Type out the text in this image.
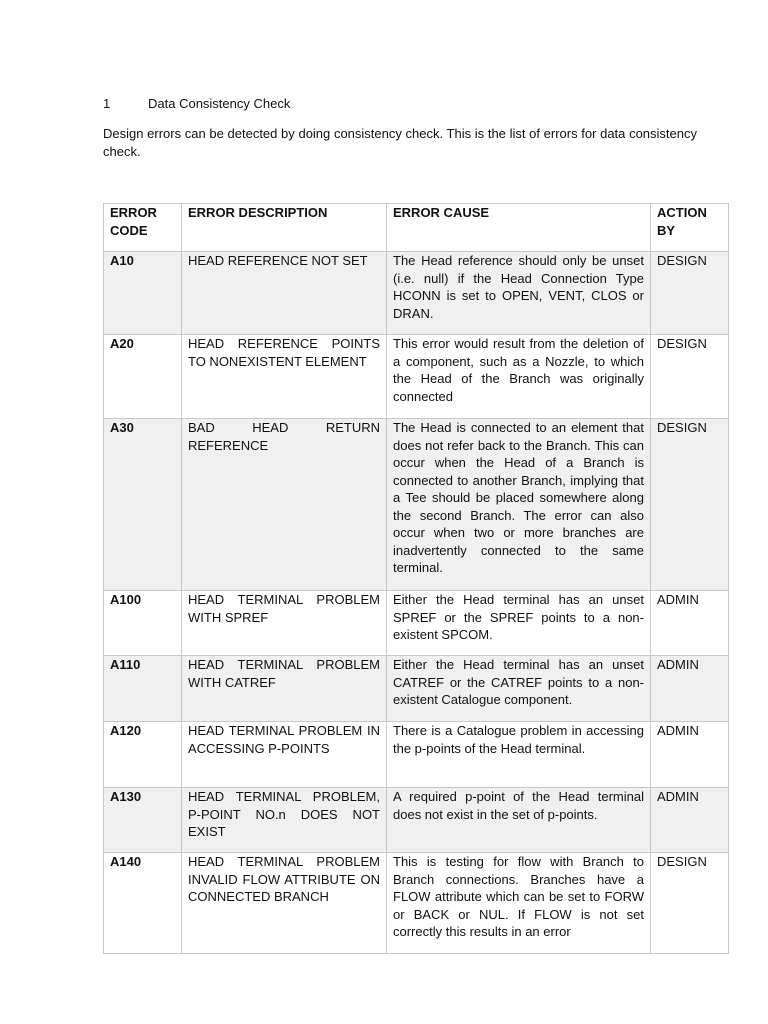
1	Data Consistency Check
Design errors can be detected by doing consistency check. This is the list of errors for data consistency check.
ERROR CODE	ERROR DESCRIPTION	ERROR CAUSE	ACTION BY
A10	HEAD REFERENCE NOT SET	The Head reference should only be unset (i.e. null) if the Head Connection Type HCONN is set to OPEN, VENT, CLOS or DRAN.	DESIGN
A20	HEAD REFERENCE POINTS TO NONEXISTENT ELEMENT	This error would result from the deletion of a component, such as a Nozzle, to which the Head of the Branch was originally connected	DESIGN
A30	BAD HEAD RETURN REFERENCE	The Head is connected to an element that does not refer back to the Branch. This can occur when the Head of a Branch is connected to another Branch, implying that a Tee should be placed somewhere along the second Branch. The error can also occur when two or more branches are inadvertently connected to the same terminal.	DESIGN
A100	HEAD TERMINAL PROBLEM WITH SPREF	Either the Head terminal has an unset SPREF or the SPREF points to a non-existent SPCOM.	ADMIN
A110	HEAD TERMINAL PROBLEM WITH CATREF	Either the Head terminal has an unset CATREF or the CATREF points to a non-existent Catalogue component.	ADMIN
A120	HEAD TERMINAL PROBLEM IN ACCESSING P-POINTS	There is a Catalogue problem in accessing the p-points of the Head terminal.	ADMIN
A130	HEAD TERMINAL PROBLEM, P-POINT NO.n DOES NOT EXIST	A required p-point of the Head terminal does not exist in the set of p-points.	ADMIN
A140	HEAD TERMINAL PROBLEM INVALID FLOW ATTRIBUTE ON CONNECTED BRANCH	This is testing for flow with Branch to Branch connections. Branches have a FLOW attribute which can be set to FORW or BACK or NUL. If FLOW is not set correctly this results in an error	DESIGN
